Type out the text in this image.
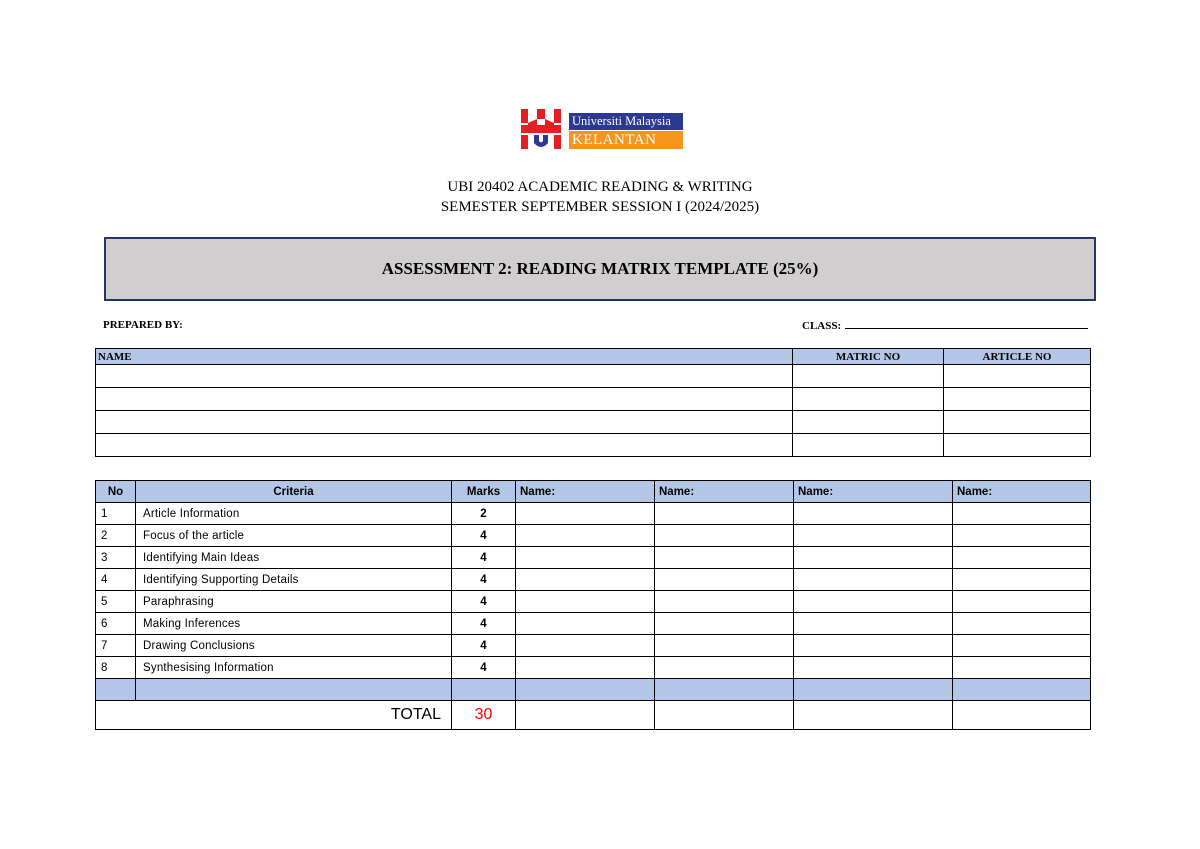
Universiti Malaysia
KELANTAN
UBI 20402 ACADEMIC READING & WRITING
SEMESTER SEPTEMBER SESSION I (2024/2025)
ASSESSMENT 2: READING MATRIX TEMPLATE (25%)
PREPARED BY:	CLASS:
NAME	MATRIC NO	ARTICLE NO

No	Criteria	Marks	Name:	Name:	Name:	Name:
1	Article Information	2				
2	Focus of the article	4				
3	Identifying Main Ideas	4				
4	Identifying Supporting Details	4				
5	Paraphrasing	4				
6	Making Inferences	4				
7	Drawing Conclusions	4				
8	Synthesising Information	4				

TOTAL		30				
